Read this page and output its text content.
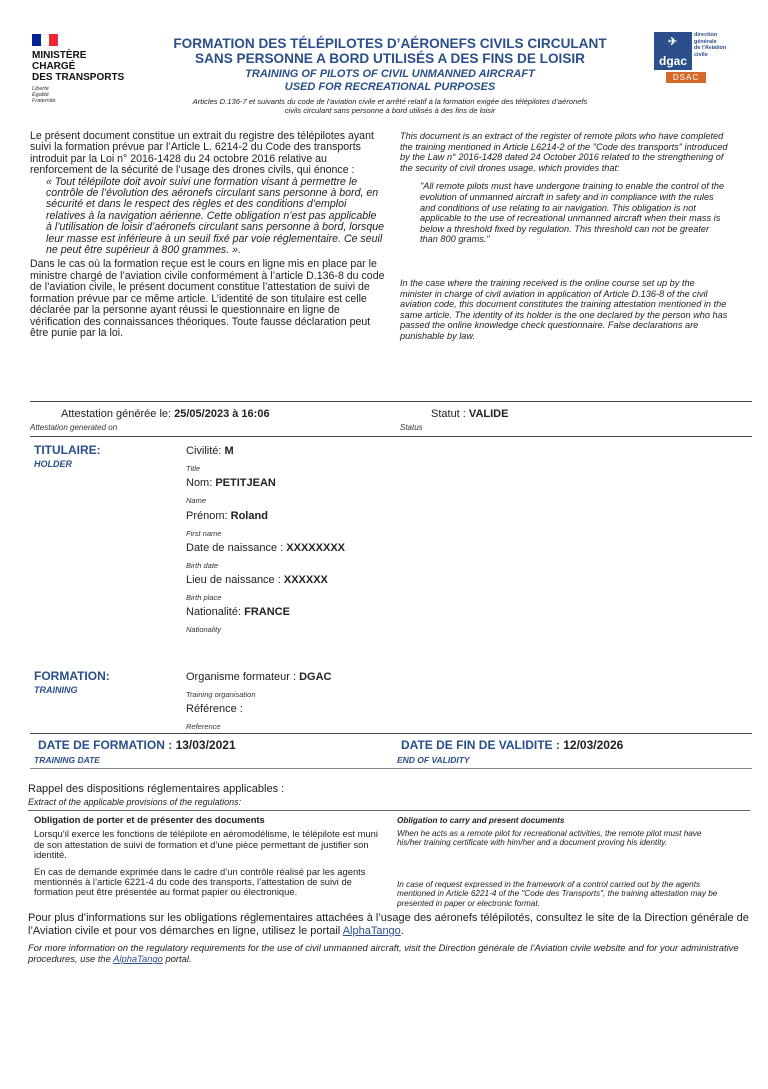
MINISTÈRE
CHARGÉ
DES TRANSPORTS
Liberté
Égalité
Fraternité
FORMATION DES TÉLÉPILOTES D’AÉRONEFS CIVILS CIRCULANT
SANS PERSONNE A BORD UTILISÉS A DES FINS DE LOISIR
TRAINING OF PILOTS OF CIVIL UNMANNED AIRCRAFT
USED FOR RECREATIONAL PURPOSES
Articles D.136-7 et suivants du code de l’aviation civile et arrêté relatif à la formation exigée des télépilotes d’aéronefs
civils circulant sans personne à bord utilisés à des fins de loisir
✈
dgac
direction
générale
de l'Aviation
civile
DSAC

Le présent document constitue un extrait du registre des télépilotes ayant suivi la formation prévue par l’Article L. 6214-2 du Code des transports introduit par la Loi n° 2016-1428 du 24 octobre 2016 relative au renforcement de la sécurité de l’usage des drones civils, qui énonce :

« Tout télépilote doit avoir suivi une formation visant à permettre le contrôle de l’évolution des aéronefs circulant sans personne à bord, en sécurité et dans le respect des règles et des conditions d’emploi relatives à la navigation aérienne. Cette obligation n’est pas applicable à l’utilisation de loisir d’aéronefs circulant sans personne à bord, lorsque leur masse est inférieure à un seuil fixé par voie réglementaire. Ce seuil ne peut être supérieur à 800 grammes. ».

Dans le cas où la formation reçue est le cours en ligne mis en place par le ministre chargé de l’aviation civile conformément à l’article D.136-8 du code de l’aviation civile, le présent document constitue l’attestation de suivi de formation prévue par ce même article. L’identité de son titulaire est celle déclarée par la personne ayant réussi le questionnaire en ligne de vérification des connaissances théoriques. Toute fausse déclaration peut être punie par la loi.

This document is an extract of the register of remote pilots who have completed the training mentioned in Article L6214-2 of the "Code des transports" introduced by the Law n° 2016-1428 dated 24 October 2016 related to the strengthening of the security of civil drones usage, which provides that:

"All remote pilots must have undergone training to enable the control of the evolution of unmanned aircraft in safety and in compliance with the rules and conditions of use relating to air navigation. This obligation is not applicable to the use of recreational unmanned aircraft when their mass is below a threshold fixed by regulation. This threshold can not be greater than 800 grams."

In the case where the training received is the online course set up by the minister in charge of civil aviation in application of Article D.136-8 of the civil aviation code, this document constitutes the training attestation mentioned in the same article. The identity of its holder is the one declared by the person who has passed the online knowledge check questionnaire. False declarations are punishable by law.

Attestation générée le: 25/05/2023 à 16:06
Attestation generated on
Statut : VALIDE
Status
TITULAIRE:
HOLDER
Civilité: M
Title
Nom: PETITJEAN
Name
Prénom: Roland
First name
Date de naissance : XXXXXXXX
Birth date
Lieu de naissance : XXXXXX
Birth place
Nationalité: FRANCE
Nationality
FORMATION:
TRAINING
Organisme formateur : DGAC
Training organisation
Référence :
Reference
DATE DE FORMATION : 13/03/2021
TRAINING DATE
DATE DE FIN DE VALIDITE : 12/03/2026
END OF VALIDITY
Rappel des dispositions réglementaires applicables :
Extract of the applicable provisions of the regulations:

Obligation de porter et de présenter des documents

Lorsqu’il exerce les fonctions de télépilote en aéromodélisme, le télépilote est muni de son attestation de suivi de formation et d’une pièce permettant de justifier son identité.

En cas de demande exprimée dans le cadre d’un contrôle réalisé par les agents mentionnés à l’article 6221-4 du code des transports, l’attestation de suivi de formation peut être présentée au format papier ou électronique.

Obligation to carry and present documents

When he acts as a remote pilot for recreational activities, the remote pilot must have his/her training certificate with him/her and a document proving his identity.

In case of request expressed in the framework of a control carried out by the agents mentioned in Article 6221-4 of the "Code des Transports", the training attestation may be presented in paper or electronic format.

Pour plus d’informations sur les obligations réglementaires attachées à l’usage des aéronefs télépilotés, consultez le site de la Direction générale de l’Aviation civile et pour vos démarches en ligne, utilisez le portail AlphaTango.
For more information on the regulatory requirements for the use of civil unmanned aircraft, visit the Direction générale de l’Aviation civile website and for your administrative procedures, use the AlphaTango portal.
